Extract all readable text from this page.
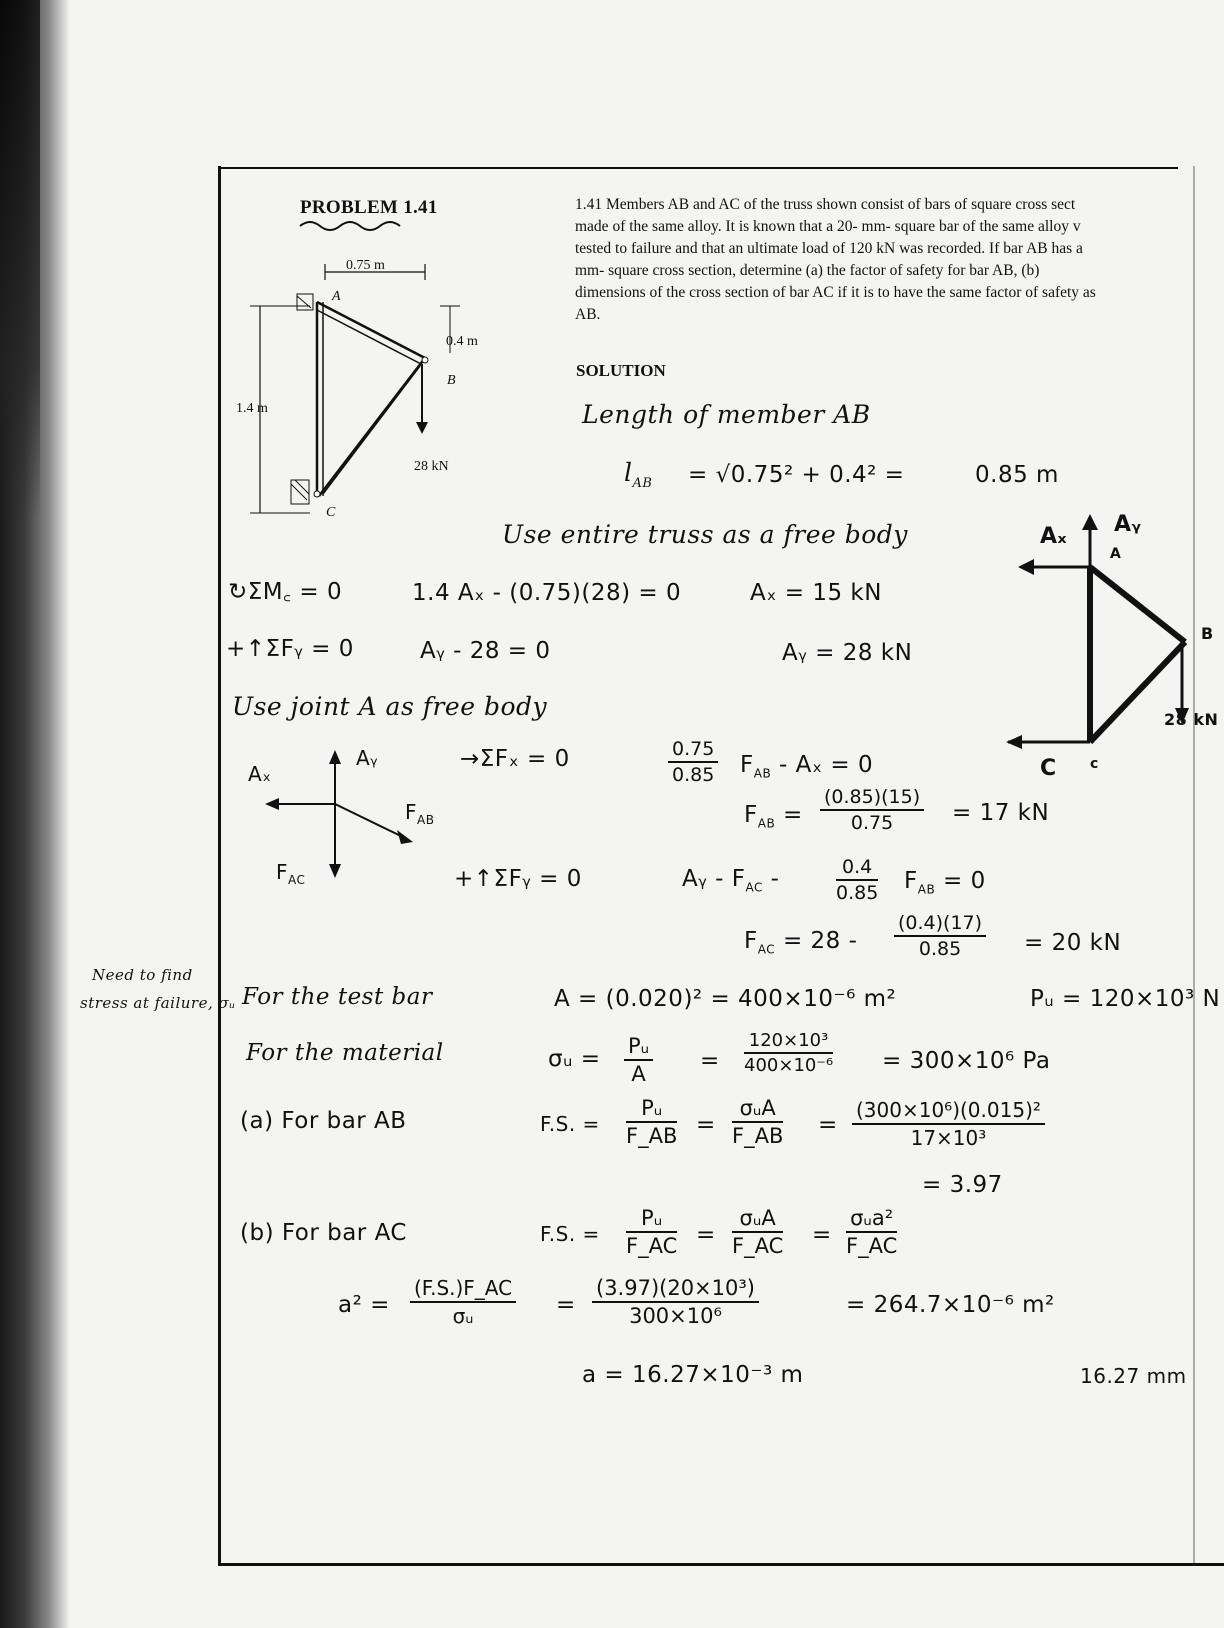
PROBLEM 1.41	1.41 Members AB and AC of the truss shown consist of bars of square cross sect
made of the same alloy. It is known that a 20- mm- square bar of the same alloy v
tested to failure and that an ultimate load of 120 kN was recorded. If bar AB has a
mm- square cross section, determine (a) the factor of safety for bar AB, (b)
dimensions of the cross section of bar AC if it is to have the same factor of safety as
AB.
SOLUTION
0.75 m
1.4 m
0.4 m
28 kN
A
B
C
Length of member AB
$l_{AB} = √0.75^2 + 0.4^2$ =	0.85 m
Use entire truss as a free body
↻ΣM꜀ = 0	1.4 Aₓ - (0.75)(28) = 0	Aₓ = 15 kN
+↑ΣFᵧ = 0	Aᵧ - 28 = 0	Aᵧ = 28 kN
Use joint A as free body
Aₓ
Aᵧ
$F_{AB}$
$F_{AC}$
→ΣFₓ = 0	$\frac{0.75}{0.85} F_{AB} - A_x = 0$
$F_{AB} = \frac{(0.85)(15)}{0.75} = 17$ kN
+↑ΣFᵧ = 0	Aᵧ - $F_{AC}$ -	$\frac{0.4}{0.85} F_{AB} = 0$
$F_{AC} = 28 - \frac{(0.4)(17)}{0.85} = 20$ kN
Need to find
stress at failure, σᵤ For the test bar	A = (0.020)² = 400×10⁻⁶ m²	Pᵤ = 120×10³ N
For the material	σᵤ = $\frac{\text{Pᵤ}}{A} = \frac{\text{120×10³}}{\text{400×10⁻⁶}} = 300\times 10^6$ Pa
(a) For bar AB	F.S. = $\frac{\text{Pᵤ}}{F\_AB}$ =
σᵤA
F_AB = $\frac{\text{(300×10⁶)(0.015)²}}{\text{17×10³}}$
= 3.97
(b) For bar AC	F.S. = $\frac{\text{Pᵤ}}{F\_AC}$ =
σᵤA
F_AC =
σᵤa²
F_AC
$a^2 = \frac{(F.S.)F\_AC}{\text{σᵤ}} = \frac{\text{(3.97)(20×10³)}}{\text{300×10⁶}}$	= 264.7×10⁻⁶ m²
a = 16.27×10⁻³ m	16.27 mm
Aₓ Aᵧ
A
B
C c
28 kN
